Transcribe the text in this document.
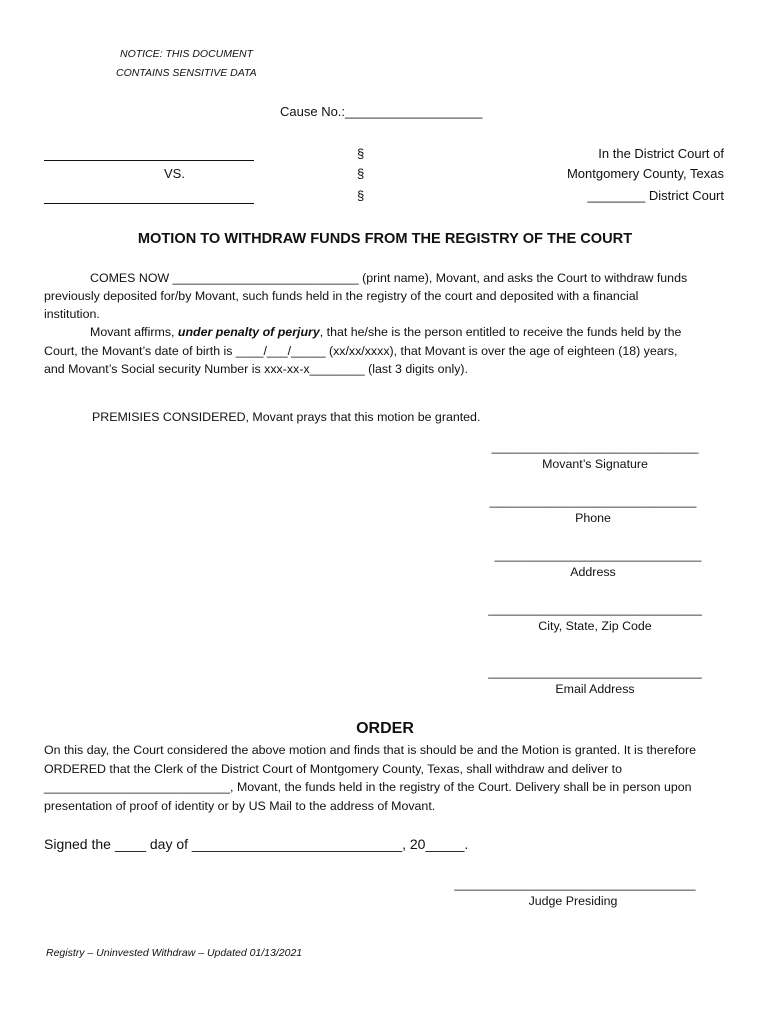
NOTICE: THIS DOCUMENT
CONTAINS SENSITIVE DATA
Cause No.:___________________
VS.
§
§
§
In the District Court of
Montgomery County, Texas
________ District Court
MOTION TO WITHDRAW FUNDS FROM THE REGISTRY OF THE COURT
COMES NOW ___________________________ (print name), Movant, and asks the Court to withdraw funds
previously deposited for/by Movant, such funds held in the registry of the court and deposited with a financial
institution.
Movant affirms, under penalty of perjury, that he/she is the person entitled to receive the funds held by the
Court, the Movant’s date of birth is ____/___/_____ (xx/xx/xxxx), that Movant is over the age of eighteen (18) years,
and Movant’s Social security Number is xxx-xx-x________ (last 3 digits only).
PREMISIES CONSIDERED, Movant prays that this motion be granted.
______________________________
Movant’s Signature
______________________________
Phone
______________________________
Address
_______________________________
City, State, Zip Code
_______________________________
Email Address
ORDER
On this day, the Court considered the above motion and finds that is should be and the Motion is granted. It is therefore
ORDERED that the Clerk of the District Court of Montgomery County, Texas, shall withdraw and deliver to
___________________________, Movant, the funds held in the registry of the Court. Delivery shall be in person upon
presentation of proof of identity or by US Mail to the address of Movant.
Signed the ____ day of ___________________________, 20_____.
___________________________________
Judge Presiding
Registry – Uninvested Withdraw – Updated 01/13/2021
